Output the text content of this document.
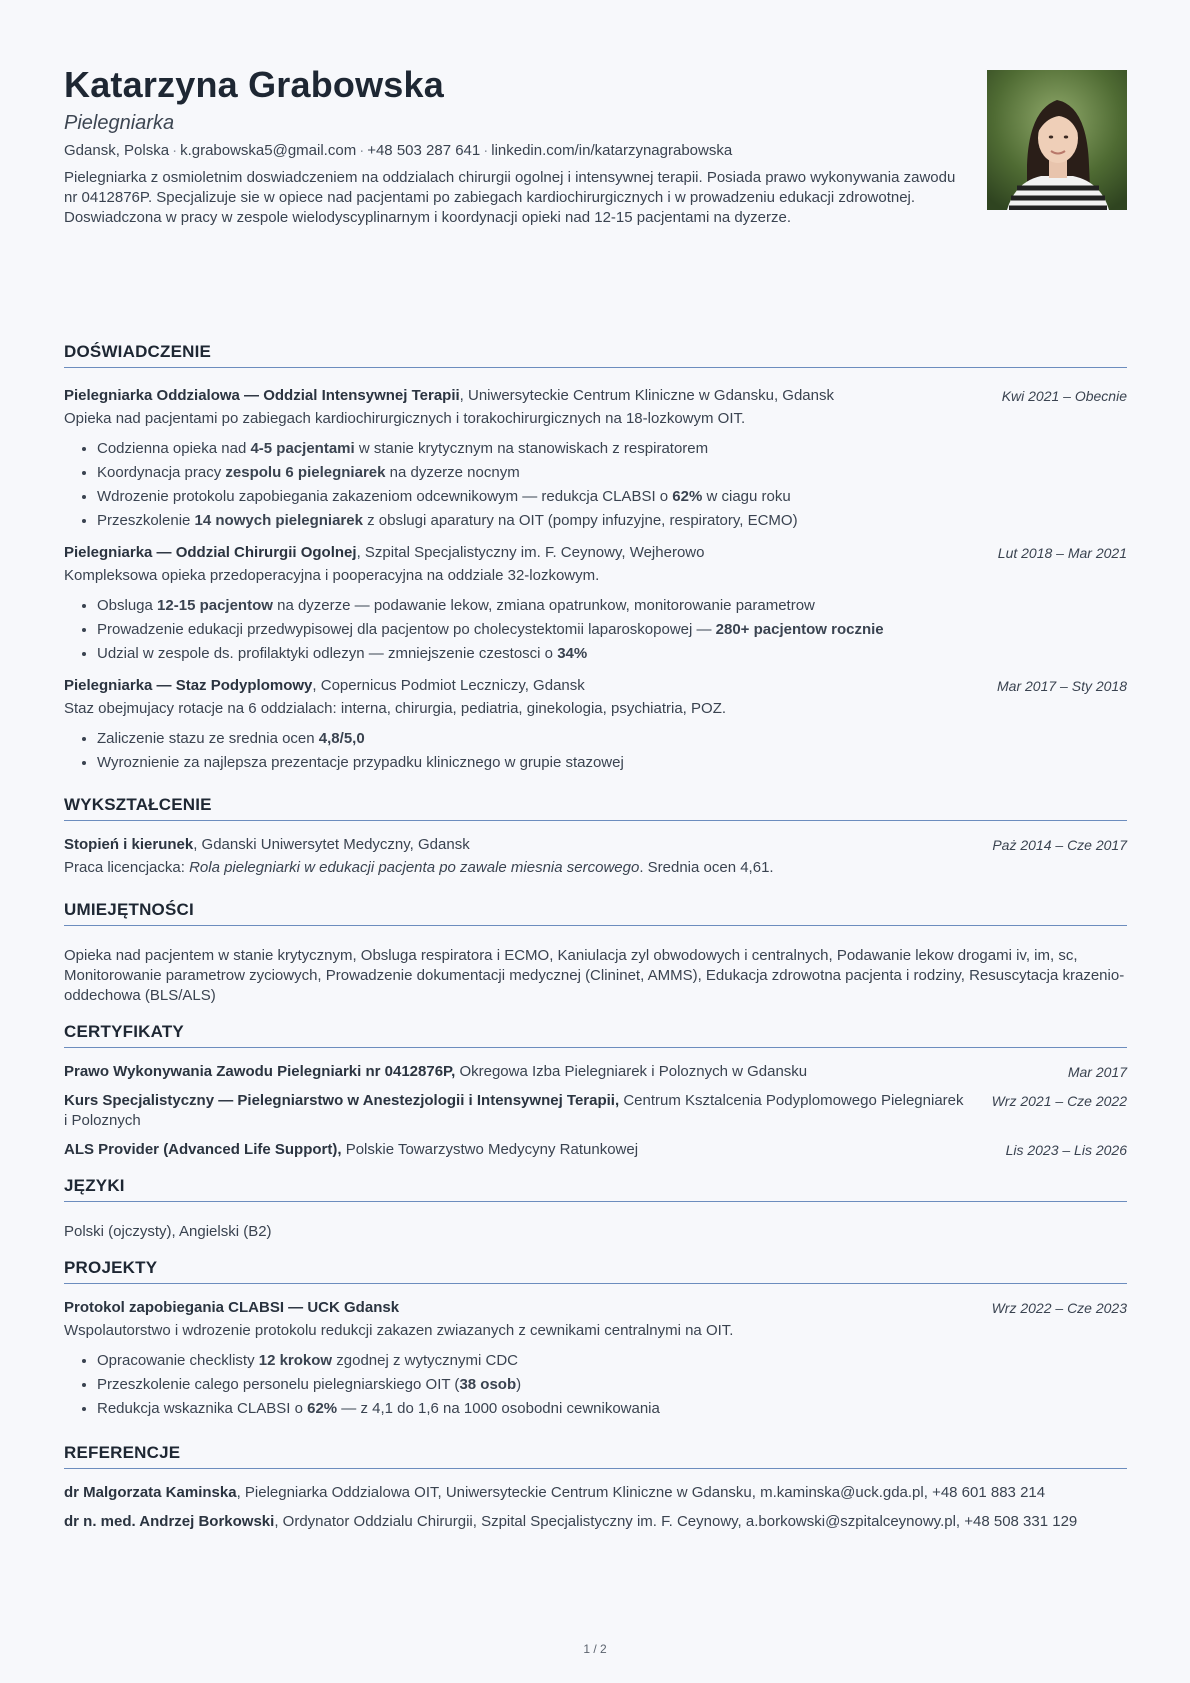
Katarzyna Grabowska
Pielegniarka
Gdansk, Polska · k.grabowska5@gmail.com · +48 503 287 641 · linkedin.com/in/katarzynagrabowska
Pielegniarka z osmioletnim doswiadczeniem na oddzialach chirurgii ogolnej i intensywnej terapii. Posiada prawo wykonywania zawodu nr 0412876P. Specjalizuje sie w opiece nad pacjentami po zabiegach kardiochirurgicznych i w prowadzeniu edukacji zdrowotnej. Doswiadczona w pracy w zespole wielodyscyplinarnym i koordynacji opieki nad 12-15 pacjentami na dyzerze.
DOŚWIADCZENIE
Pielegniarka Oddzialowa — Oddzial Intensywnej Terapii, Uniwersyteckie Centrum Kliniczne w Gdansku, Gdansk	Kwi 2021 – Obecnie
Opieka nad pacjentami po zabiegach kardiochirurgicznych i torakochirurgicznych na 18-lozkowym OIT.
• Codzienna opieka nad 4-5 pacjentami w stanie krytycznym na stanowiskach z respiratorem
• Koordynacja pracy zespolu 6 pielegniarek na dyzerze nocnym
• Wdrozenie protokolu zapobiegania zakazeniom odcewnikowym — redukcja CLABSI o 62% w ciagu roku
• Przeszkolenie 14 nowych pielegniarek z obslugi aparatury na OIT (pompy infuzyjne, respiratory, ECMO)
Pielegniarka — Oddzial Chirurgii Ogolnej, Szpital Specjalistyczny im. F. Ceynowy, Wejherowo	Lut 2018 – Mar 2021
Kompleksowa opieka przedoperacyjna i pooperacyjna na oddziale 32-lozkowym.
• Obsluga 12-15 pacjentow na dyzerze — podawanie lekow, zmiana opatrunkow, monitorowanie parametrow
• Prowadzenie edukacji przedwypisowej dla pacjentow po cholecystektomii laparoskopowej — 280+ pacjentow rocznie
• Udzial w zespole ds. profilaktyki odlezyn — zmniejszenie czestosci o 34%
Pielegniarka — Staz Podyplomowy, Copernicus Podmiot Leczniczy, Gdansk	Mar 2017 – Sty 2018
Staz obejmujacy rotacje na 6 oddzialach: interna, chirurgia, pediatria, ginekologia, psychiatria, POZ.
• Zaliczenie stazu ze srednia ocen 4,8/5,0
• Wyroznienie za najlepsza prezentacje przypadku klinicznego w grupie stazowej
WYKSZTAŁCENIE
Stopień i kierunek, Gdanski Uniwersytet Medyczny, Gdansk	Paż 2014 – Cze 2017
Praca licencjacka: Rola pielegniarki w edukacji pacjenta po zawale miesnia sercowego. Srednia ocen 4,61.
UMIEJĘTNOŚCI
Opieka nad pacjentem w stanie krytycznym, Obsluga respiratora i ECMO, Kaniulacja zyl obwodowych i centralnych, Podawanie lekow drogami iv, im, sc, Monitorowanie parametrow zyciowych, Prowadzenie dokumentacji medycznej (Clininet, AMMS), Edukacja zdrowotna pacjenta i rodziny, Resuscytacja krazenio-oddechowa (BLS/ALS)
CERTYFIKATY
Prawo Wykonywania Zawodu Pielegniarki nr 0412876P, Okregowa Izba Pielegniarek i Poloznych w Gdansku	Mar 2017
Kurs Specjalistyczny — Pielegniarstwo w Anestezjologii i Intensywnej Terapii, Centrum Ksztalcenia Podyplomowego Pielegniarek i Poloznych
Wrz 2021 – Cze 2022
ALS Provider (Advanced Life Support), Polskie Towarzystwo Medycyny Ratunkowej	Lis 2023 – Lis 2026
JĘZYKI
Polski (ojczysty), Angielski (B2)
PROJEKTY
Protokol zapobiegania CLABSI — UCK Gdansk	Wrz 2022 – Cze 2023
Wspolautorstwo i wdrozenie protokolu redukcji zakazen zwiazanych z cewnikami centralnymi na OIT.
• Opracowanie checklisty 12 krokow zgodnej z wytycznymi CDC
• Przeszkolenie calego personelu pielegniarskiego OIT (38 osob)
• Redukcja wskaznika CLABSI o 62% — z 4,1 do 1,6 na 1000 osobodni cewnikowania
REFERENCJE
dr Malgorzata Kaminska, Pielegniarka Oddzialowa OIT, Uniwersyteckie Centrum Kliniczne w Gdansku, m.kaminska@uck.gda.pl, +48 601 883 214
dr n. med. Andrzej Borkowski, Ordynator Oddzialu Chirurgii, Szpital Specjalistyczny im. F. Ceynowy, a.borkowski@szpitalceynowy.pl, +48 508 331 129
1 / 2
